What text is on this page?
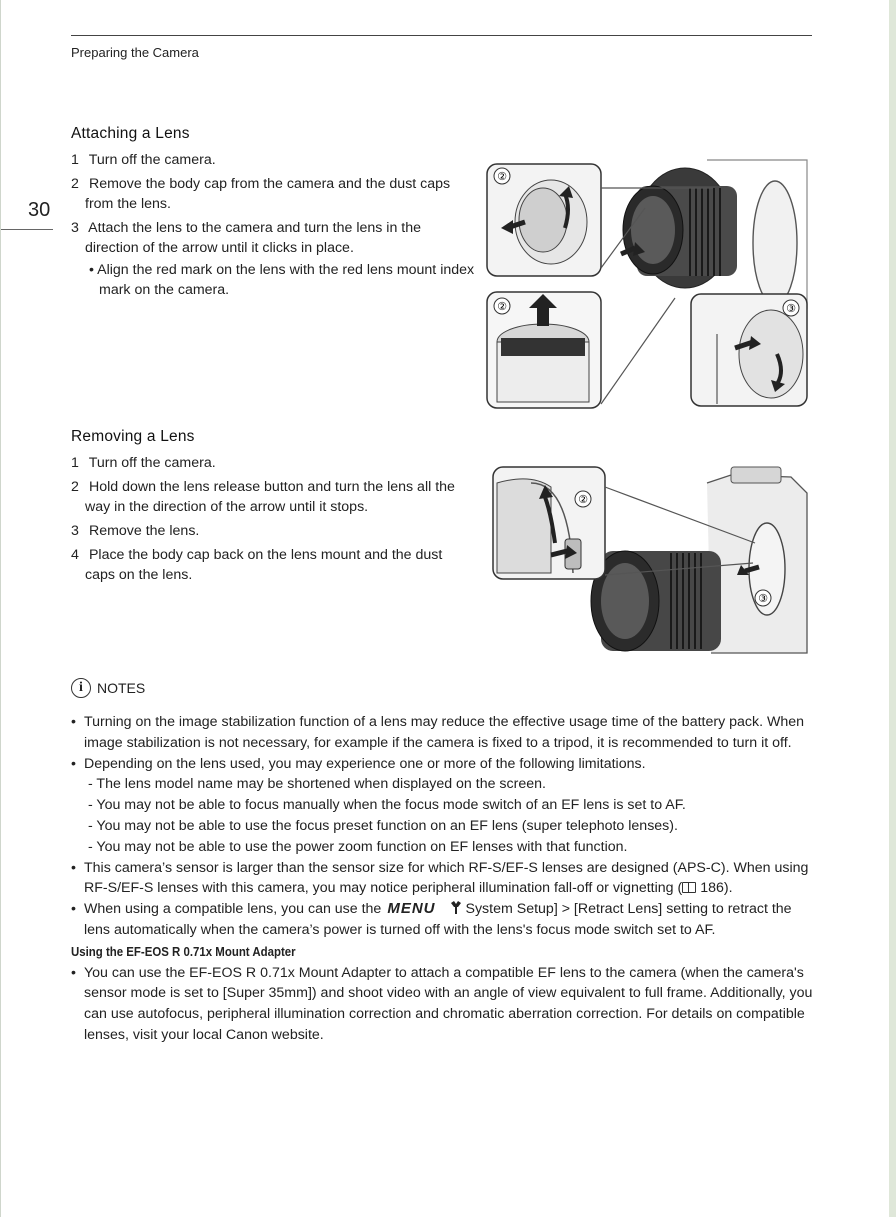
Preparing the Camera
30
Attaching a Lens
1 Turn off the camera.
2 Remove the body cap from the camera and the dust caps from the lens.
3 Attach the lens to the camera and turn the lens in the direction of the arrow until it clicks in place.
• Align the red mark on the lens with the red lens mount index mark on the camera.
②
②	③
Removing a Lens
1 Turn off the camera.
2 Hold down the lens release button and turn the lens all the way in the direction of the arrow until it stops.
3 Remove the lens.
4 Place the body cap back on the lens mount and the dust caps on the lens.
③
②
i	NOTES
• Turning on the image stabilization function of a lens may reduce the effective usage time of the battery pack. When image stabilization is not necessary, for example if the camera is fixed to a tripod, it is recommended to turn it off.
• Depending on the lens used, you may experience one or more of the following limitations.
- The lens model name may be shortened when displayed on the screen.
- You may not be able to focus manually when the focus mode switch of an EF lens is set to AF.
- You may not be able to use the focus preset function on an EF lens (super telephoto lenses).
- You may not be able to use the power zoom function on EF lenses with that function.
• This camera’s sensor is larger than the sensor size for which RF-S/EF-S lenses are designed (APS-C). When using RF-S/EF-S lenses with this camera, you may notice peripheral illumination fall-off or vignetting ( 186).
• When using a compatible lens, you can use the MENU System Setup] > [Retract Lens] setting to retract the lens automatically when the camera’s power is turned off with the lens's focus mode switch set to AF.
Using the EF-EOS R 0.71x Mount Adapter
• You can use the EF-EOS R 0.71x Mount Adapter to attach a compatible EF lens to the camera (when the camera's sensor mode is set to [Super 35mm]) and shoot video with an angle of view equivalent to full frame. Additionally, you can use autofocus, peripheral illumination correction and chromatic aberration correction. For details on compatible lenses, visit your local Canon website.
